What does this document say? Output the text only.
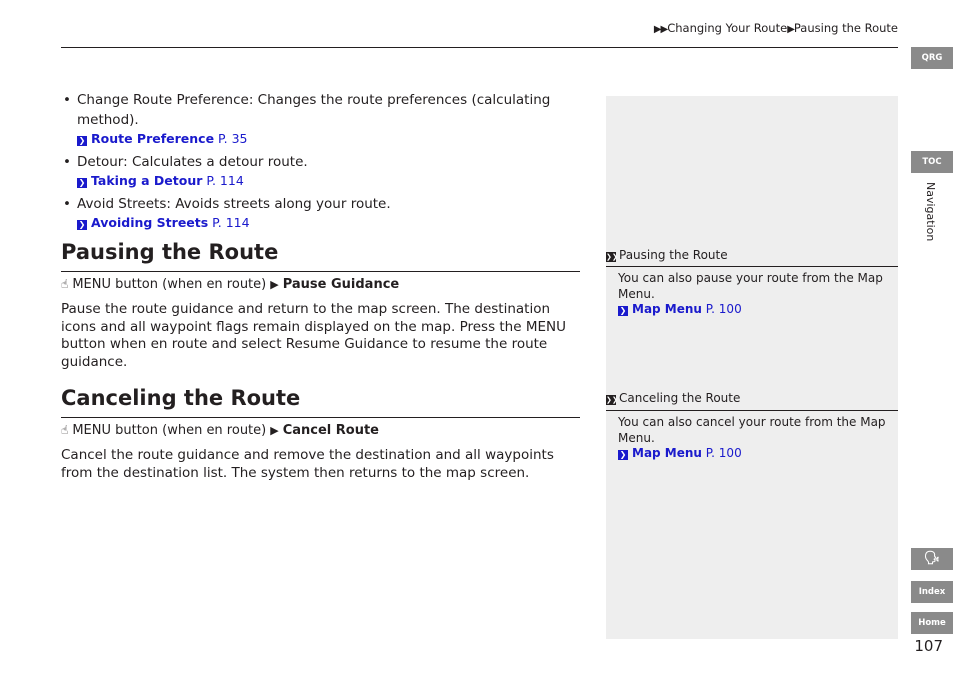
▶▶Changing Your Route▶Pausing the Route
• Change Route Preference: Changes the route preferences (calculating method).
❯ Route Preference P. 35
• Detour: Calculates a detour route.
❯ Taking a Detour P. 114
• Avoid Streets: Avoids streets along your route.
❯ Avoiding Streets P. 114
Pausing the Route
☝ MENU button (when en route) ▶ Pause Guidance
Pause the route guidance and return to the map screen. The destination icons and all waypoint flags remain displayed on the map. Press the MENU button when en route and select Resume Guidance to resume the route guidance.
Canceling the Route
☝ MENU button (when en route) ▶ Cancel Route
Cancel the route guidance and remove the destination and all waypoints from the destination list. The system then returns to the map screen.
❯❯Pausing the Route
You can also pause your route from the Map Menu.
❯ Map Menu P. 100
❯❯Canceling the Route
You can also cancel your route from the Map Menu.
❯ Map Menu P. 100
QRG
TOC
Navigation
🗣
Index
Home
107
